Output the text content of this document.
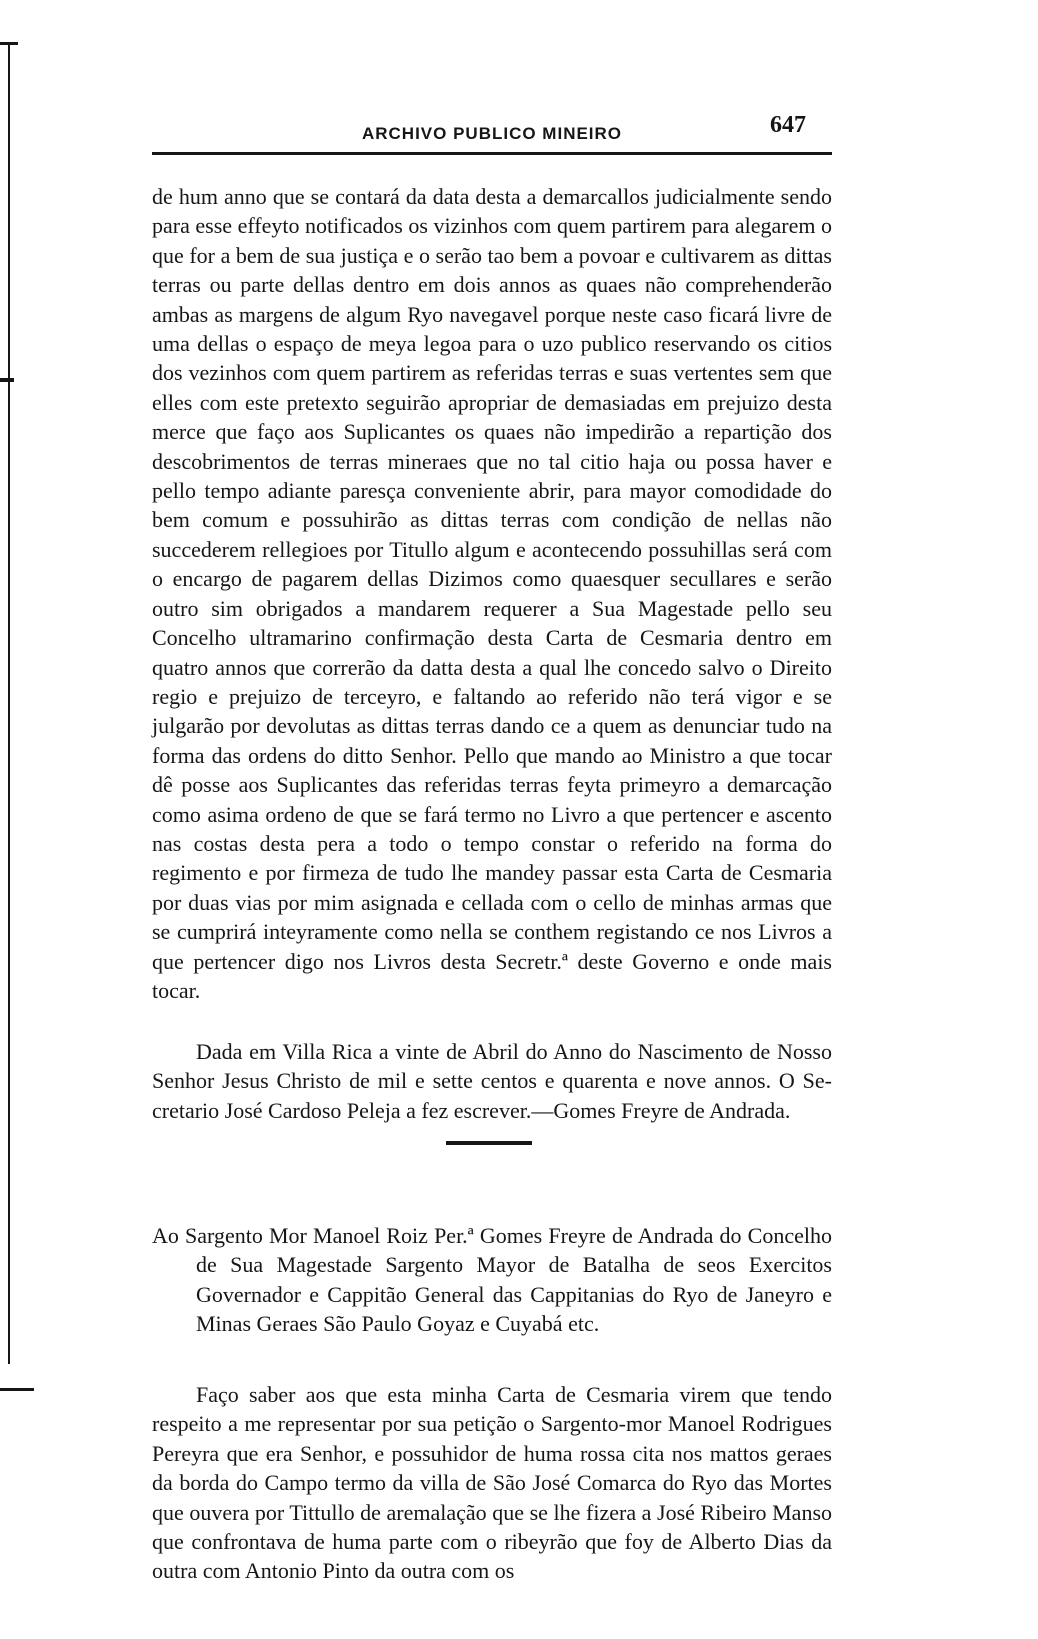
ARCHIVO PUBLICO MINEIRO	647

de hum anno que se contará da data desta a demarcallos judicialmente sendo para esse effeyto notificados os vizinhos com quem partirem para alegarem o que for a bem de sua justiça e o serão tao bem a povoar e cultivarem as dittas terras ou parte dellas dentro em dois annos as quaes não comprehenderão ambas as margens de algum Ryo navegavel porque neste caso ficará livre de uma dellas o espaço de meya legoa para o uzo publico reservando os citios dos vezinhos com quem partirem as referidas terras e suas vertentes sem que elles com este pretexto seguirão apropriar de demasiadas em prejuizo desta merce que faço aos Suplicantes os quaes não impedirão a repartição dos descobrimentos de terras mineraes que no tal citio haja ou possa haver e pello tempo adiante paresça conveniente abrir, para mayor comodidade do bem comum e possuhirão as dittas terras com condição de nellas não succederem rellegioes por Titullo algum e acontecendo possuhillas será com o encargo de pagarem dellas Dizimos como quaesquer secullares e serão outro sim obrigados a mandarem requerer a Sua Magestade pello seu Concelho ultramarino confirmação desta Carta de Cesmaria dentro em quatro annos que correrão da datta desta a qual lhe concedo salvo o Direito regio e prejuizo de terceyro, e faltando ao referido não terá vigor e se julgarão por devolutas as dittas terras dando ce a quem as denunciar tudo na forma das ordens do ditto Senhor. Pello que mando ao Ministro a que tocar dê posse aos Suplicantes das referidas terras feyta primeyro a demarcação como asima ordeno de que se fará termo no Livro a que pertencer e ascento nas costas desta pera a todo o tempo constar o referido na forma do regimento e por firmeza de tudo lhe mandey passar esta Carta de Cesmaria por duas vias por mim asignada e cellada com o cello de minhas armas que se cumprirá inteyramente como nella se conthem registando ce nos Livros a que pertencer digo nos Livros desta Secretr.ª deste Governo e onde mais tocar.

Dada em Villa Rica a vinte de Abril do Anno do Nascimento de Nosso Senhor Jesus Christo de mil e sette centos e quarenta e nove annos. O Secretario José Cardoso Peleja a fez escrever.—Gomes Freyre de Andrada.

Ao Sargento Mor Manoel Roiz Per.ª Gomes Freyre de Andrada do Concelho de Sua Magestade Sargento Mayor de Batalha de seos Exercitos Governador e Cappitão General das Cappitanias do Ryo de Janeyro e Minas Geraes São Paulo Goyaz e Cuyabá etc.

Faço saber aos que esta minha Carta de Cesmaria virem que tendo respeito a me representar por sua petição o Sargento-mor Manoel Rodrigues Pereyra que era Senhor, e possuhidor de huma rossa cita nos mattos geraes da borda do Campo termo da villa de São José Comarca do Ryo das Mortes que ouvera por Tittullo de aremalação que se lhe fizera a José Ribeiro Manso que confrontava de huma parte com o ribeyrão que foy de Alberto Dias da outra com Antonio Pinto da outra com os
